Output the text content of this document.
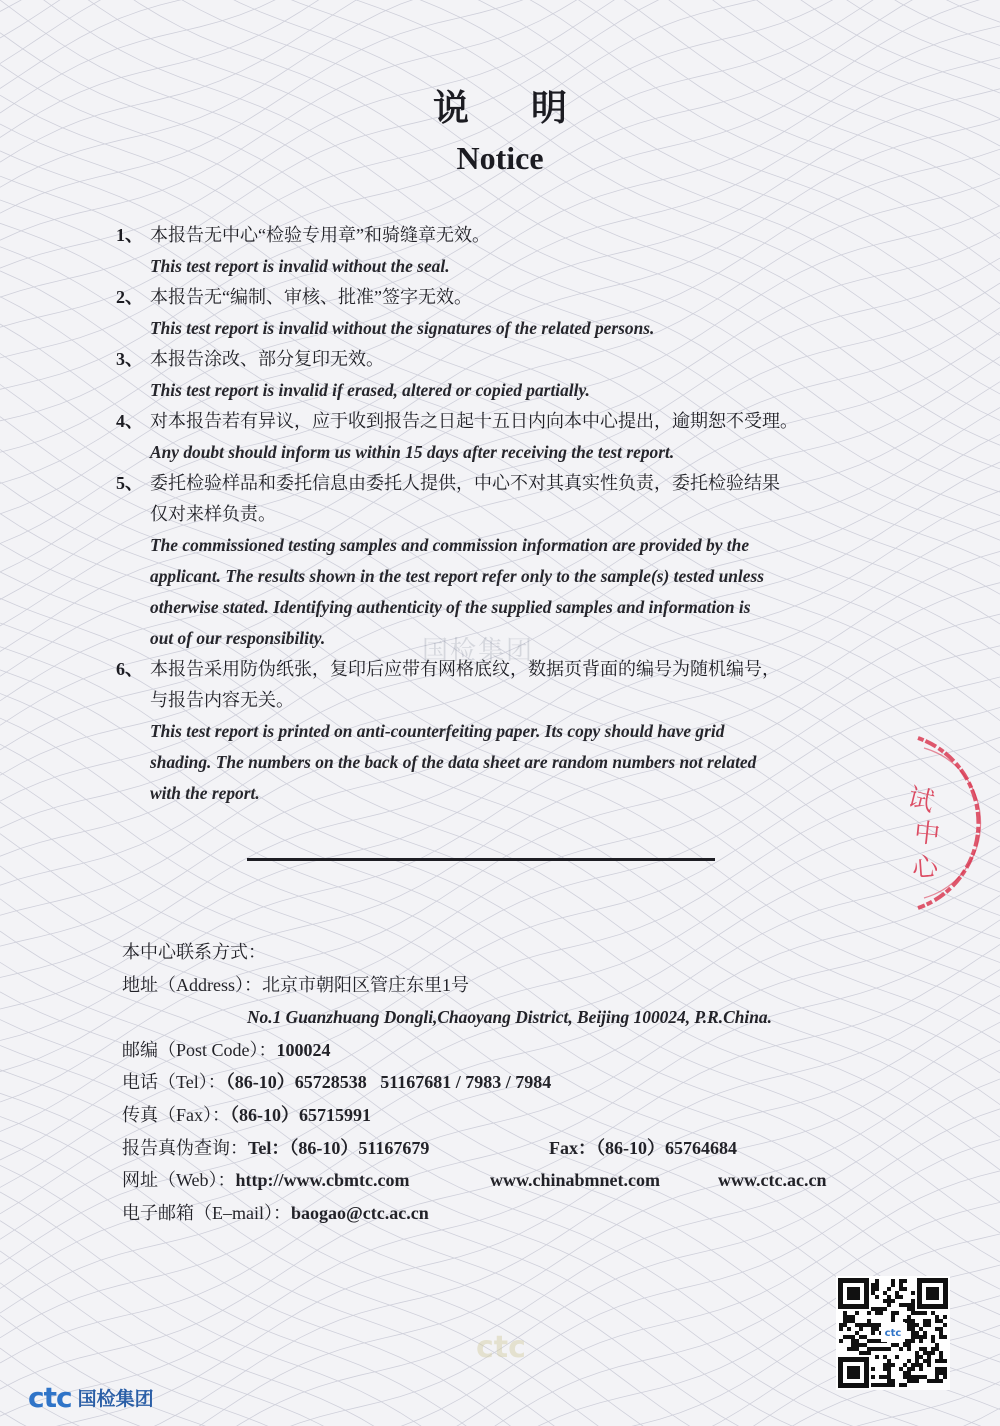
说明
Notice
1、 本报告无中心“检验专用章”和骑缝章无效。
This test report is invalid without the seal.
2、 本报告无“编制、审核、批准”签字无效。
This test report is invalid without the signatures of the related persons.
3、 本报告涂改、部分复印无效。
This test report is invalid if erased, altered or copied partially.
4、 对本报告若有异议，应于收到报告之日起十五日内向本中心提出，逾期恕不受理。
Any doubt should inform us within 15 days after receiving the test report.
5、 委托检验样品和委托信息由委托人提供，中心不对其真实性负责，委托检验结果
仅对来样负责。
The commissioned testing samples and commission information are provided by the
applicant. The results shown in the test report refer only to the sample(s) tested unless
otherwise stated. Identifying authenticity of the supplied samples and information is
out of our responsibility.
6、 本报告采用防伪纸张，复印后应带有网格底纹，数据页背面的编号为随机编号，
与报告内容无关。
This test report is printed on anti-counterfeiting paper. Its copy should have grid
shading. The numbers on the back of the data sheet are random numbers not related
with the report.
国检集团
本中心联系方式：
地址（Address）：北京市朝阳区管庄东里1号
No.1 Guanzhuang Dongli,Chaoyang District, Beijing 100024, P.R.China.
邮编（Post Code）：100024
电话（Tel）：（86-10）65728538   51167681 / 7983 / 7984
传真（Fax）：（86-10）65715991
报告真伪查询：Tel：（86-10）51167679	Fax：（86-10）65764684
网址（Web）：http://www.cbmtc.com	www.chinabmnet.com	www.ctc.ac.cn
电子邮箱（E–mail）：baogao@ctc.ac.cn
试
中
心
ctc
ctc
ctc 国检集团
